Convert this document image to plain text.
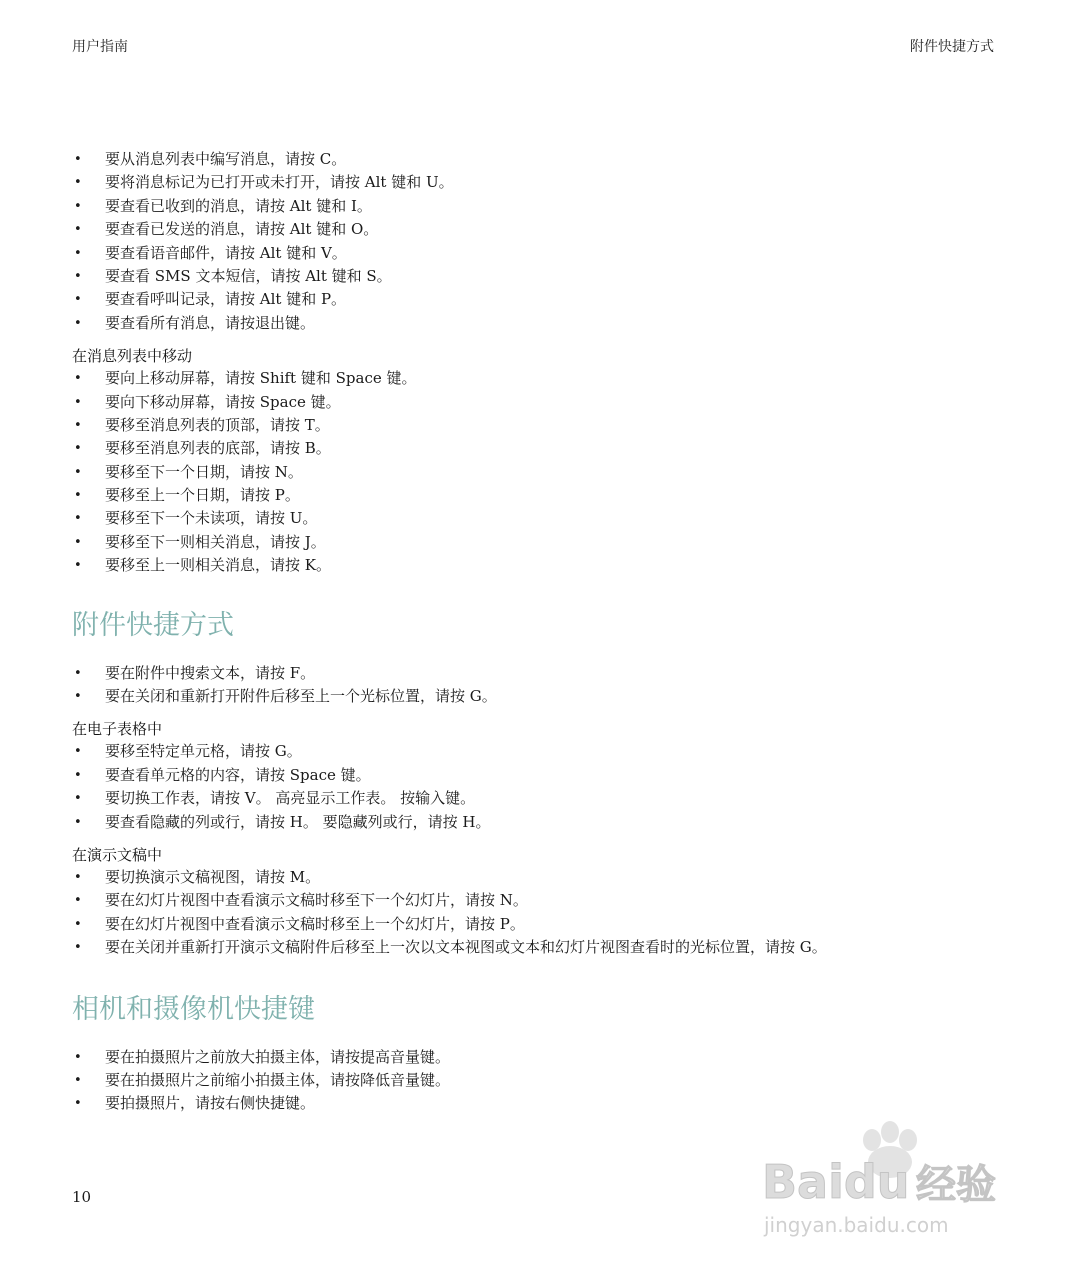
用户指南	附件快捷方式
• 要从消息列表中编写消息，请按 C。
• 要将消息标记为已打开或未打开，请按 Alt 键和 U。
• 要查看已收到的消息，请按 Alt 键和 I。
• 要查看已发送的消息，请按 Alt 键和 O。
• 要查看语音邮件，请按 Alt 键和 V。
• 要查看 SMS 文本短信，请按 Alt 键和 S。
• 要查看呼叫记录，请按 Alt 键和 P。
• 要查看所有消息，请按退出键。
在消息列表中移动
• 要向上移动屏幕，请按 Shift 键和 Space 键。
• 要向下移动屏幕，请按 Space 键。
• 要移至消息列表的顶部，请按 T。
• 要移至消息列表的底部，请按 B。
• 要移至下一个日期，请按 N。
• 要移至上一个日期，请按 P。
• 要移至下一个未读项，请按 U。
• 要移至下一则相关消息，请按 J。
• 要移至上一则相关消息，请按 K。
附件快捷方式
• 要在附件中搜索文本，请按 F。
• 要在关闭和重新打开附件后移至上一个光标位置，请按 G。
在电子表格中
• 要移至特定单元格，请按 G。
• 要查看单元格的内容，请按 Space 键。
• 要切换工作表，请按 V。 高亮显示工作表。 按输入键。
• 要查看隐藏的列或行，请按 H。 要隐藏列或行，请按 H。
在演示文稿中
• 要切换演示文稿视图，请按 M。
• 要在幻灯片视图中查看演示文稿时移至下一个幻灯片，请按 N。
• 要在幻灯片视图中查看演示文稿时移至上一个幻灯片，请按 P。
• 要在关闭并重新打开演示文稿附件后移至上一次以文本视图或文本和幻灯片视图查看时的光标位置，请按 G。
相机和摄像机快捷键
• 要在拍摄照片之前放大拍摄主体，请按提高音量键。
• 要在拍摄照片之前缩小拍摄主体，请按降低音量键。
• 要拍摄照片，请按右侧快捷键。
10	Baidu 经验
jingyan.baidu.com
